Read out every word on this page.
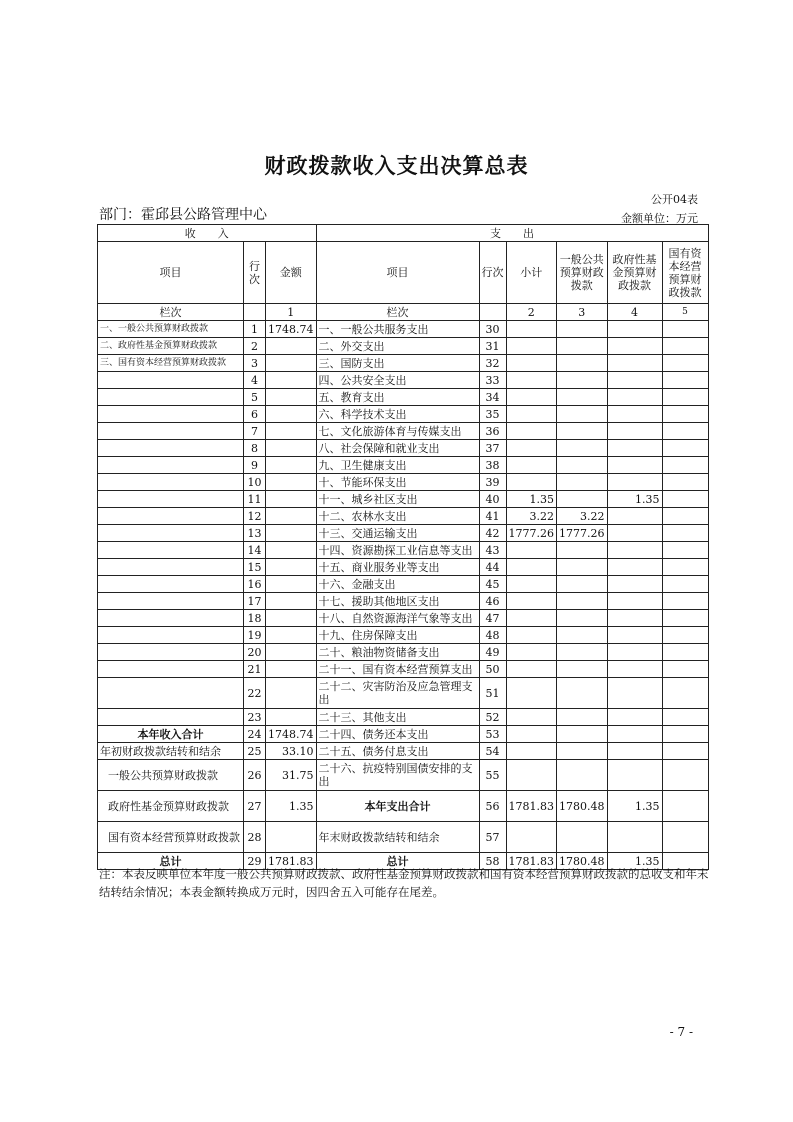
财政拨款收入支出决算总表
公开04表
部门：霍邱县公路管理中心	金额单位：万元
收　　入			支　　出					
项目	行次	金额	项目	行次	小计	一般公共预算财政拨款	政府性基金预算财政拨款	国有资本经营预算财政拨款
栏次		1	栏次		2	3	4	5
一、一般公共预算财政拨款	1	1748.74	一、一般公共服务支出	30				
二、政府性基金预算财政拨款	2		二、外交支出	31				
三、国有资本经营预算财政拨款	3		三、国防支出	32				
	4		四、公共安全支出	33				
	5		五、教育支出	34				
	6		六、科学技术支出	35				
	7		七、文化旅游体育与传媒支出	36				
	8		八、社会保障和就业支出	37				
	9		九、卫生健康支出	38				
	10		十、节能环保支出	39				
	11		十一、城乡社区支出	40	1.35		1.35	
	12		十二、农林水支出	41	3.22	3.22		
	13		十三、交通运输支出	42	1777.26	1777.26		
	14		十四、资源勘探工业信息等支出	43				
	15		十五、商业服务业等支出	44				
	16		十六、金融支出	45				
	17		十七、援助其他地区支出	46				
	18		十八、自然资源海洋气象等支出	47				
	19		十九、住房保障支出	48				
	20		二十、粮油物资储备支出	49				
	21		二十一、国有资本经营预算支出	50				
	22		二十二、灾害防治及应急管理支出	51				
	23		二十三、其他支出	52				
本年收入合计	24	1748.74	二十四、债务还本支出	53				
年初财政拨款结转和结余	25	33.10	二十五、债务付息支出	54				
一般公共预算财政拨款	26	31.75	二十六、抗疫特别国债安排的支出	55				
政府性基金预算财政拨款	27	1.35	本年支出合计	56	1781.83	1780.48	1.35	
国有资本经营预算财政拨款	28		年末财政拨款结转和结余	57				
总计	29	1781.83	总计	58	1781.83	1780.48	1.35	
注：本表反映单位本年度一般公共预算财政拨款、政府性基金预算财政拨款和国有资本经营预算财政拨款的总收支和年末结转结余情况；本表金额转换成万元时，因四舍五入可能存在尾差。
- 7 -
